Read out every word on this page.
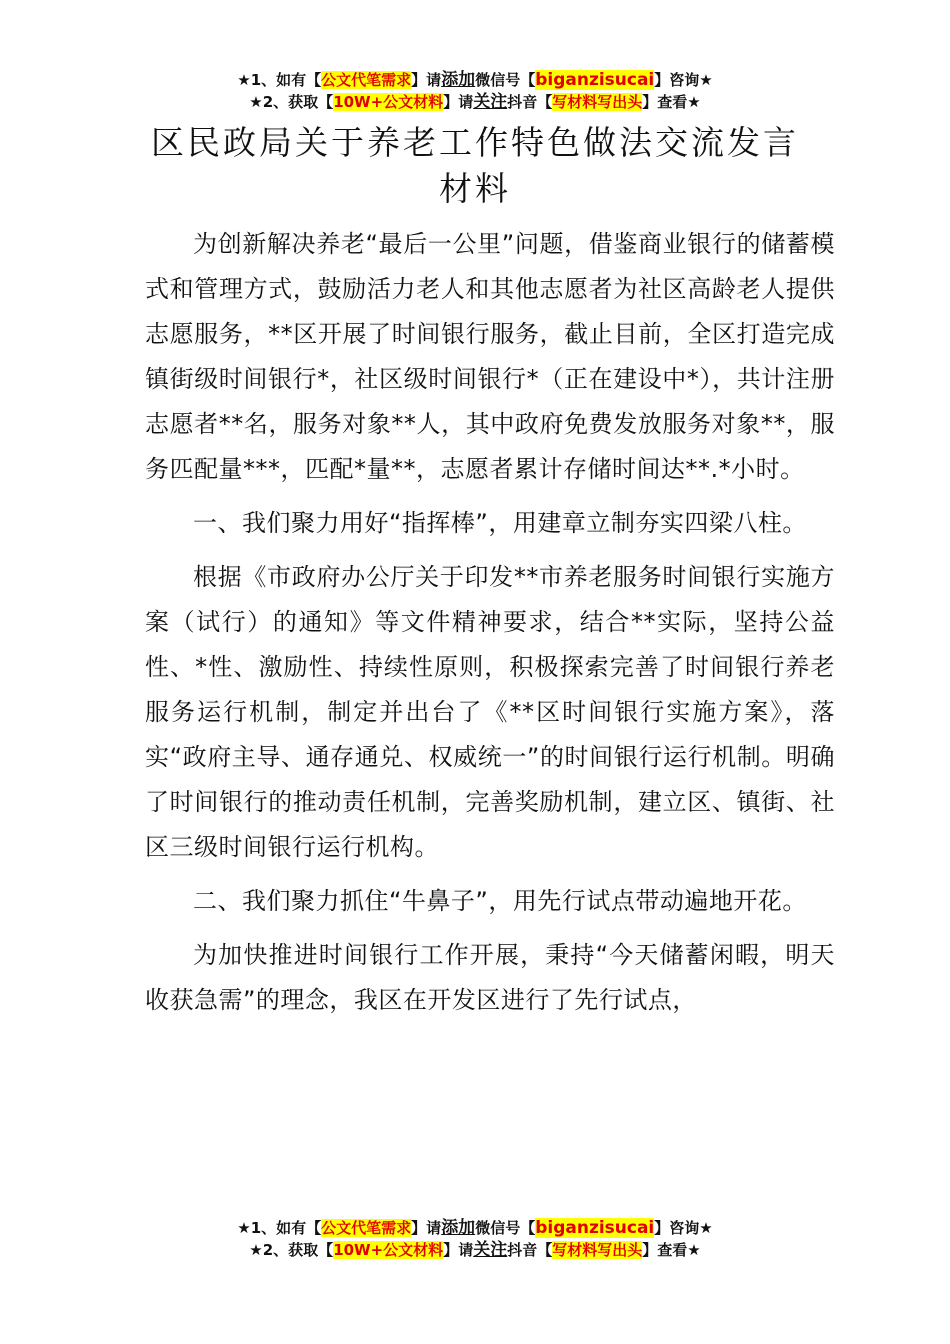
★1、如有【公文代笔需求】请添加微信号【biganzisucai】咨询★
★2、获取【10W+公文材料】请关注抖音【写材料写出头】查看★
区民政局关于养老工作特色做法交流发言材料

为创新解决养老“最后一公里”问题，借鉴商业银行的储蓄模式和管理方式，鼓励活力老人和其他志愿者为社区高龄老人提供志愿服务，**区开展了时间银行服务，截止目前，全区打造完成镇街级时间银行*，社区级时间银行*（正在建设中*），共计注册志愿者**名，服务对象**人，其中政府免费发放服务对象**，服务匹配量***，匹配*量**，志愿者累计存储时间达**.*小时。

一、我们聚力用好“指挥棒”，用建章立制夯实四梁八柱。

根据《市政府办公厅关于印发**市养老服务时间银行实施方案（试行）的通知》等文件精神要求，结合**实际，坚持公益性、*性、激励性、持续性原则，积极探索完善了时间银行养老服务运行机制，制定并出台了《**区时间银行实施方案》，落实“政府主导、通存通兑、权威统一”的时间银行运行机制。明确了时间银行的推动责任机制，完善奖励机制，建立区、镇街、社区三级时间银行运行机构。

二、我们聚力抓住“牛鼻子”，用先行试点带动遍地开花。

为加快推进时间银行工作开展，秉持“今天储蓄闲暇，明天收获急需”的理念，我区在开发区进行了先行试点，

★1、如有【公文代笔需求】请添加微信号【biganzisucai】咨询★
★2、获取【10W+公文材料】请关注抖音【写材料写出头】查看★
